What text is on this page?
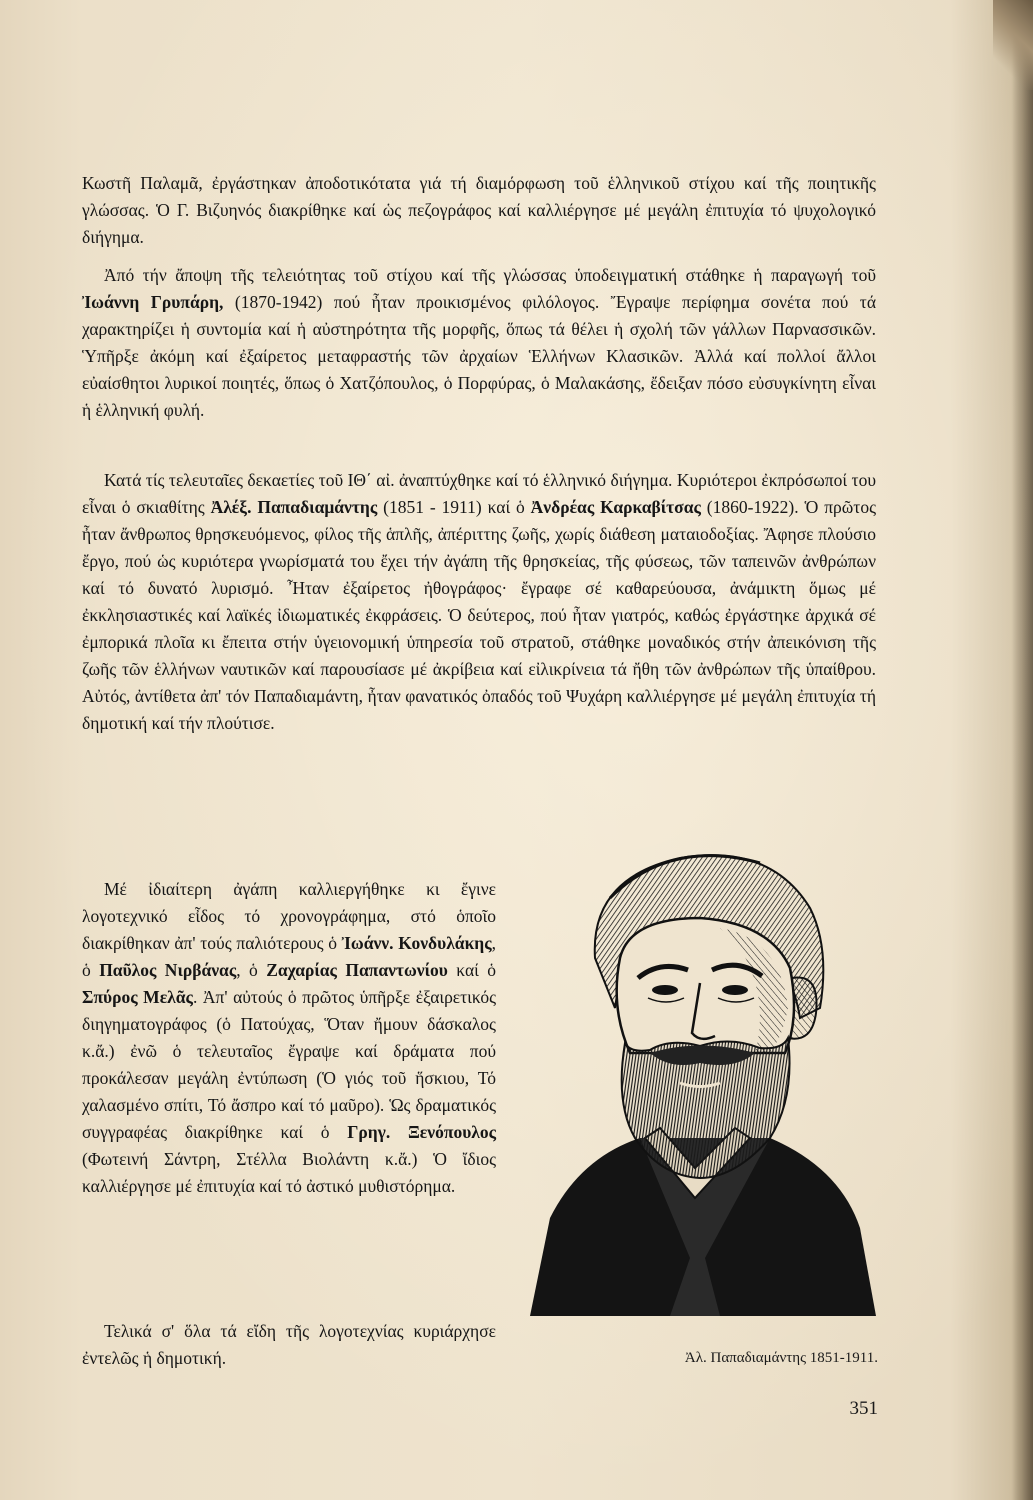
Κωστῆ Παλαμᾶ, ἐργάστηκαν ἀποδοτικότατα γιά τή διαμόρφωση τοῦ ἑλληνικοῦ στίχου καί τῆς ποιητικῆς γλώσσας. Ὁ Γ. Βιζυηνός διακρίθηκε καί ὡς πεζογράφος καί καλλιέργησε μέ μεγάλη ἐπιτυχία τό ψυχολογικό διήγημα.
Ἀπό τήν ἄποψη τῆς τελειότητας τοῦ στίχου καί τῆς γλώσσας ὑποδειγματική στάθηκε ἡ παραγωγή τοῦ Ἰωάννη Γρυπάρη, (1870-1942) πού ἦταν προικισμένος φιλόλογος. Ἔγραψε περίφημα σονέτα πού τά χαρακτηρίζει ἡ συντομία καί ἡ αὐστηρότητα τῆς μορφῆς, ὅπως τά θέλει ἡ σχολή τῶν γάλλων Παρνασσικῶν. Ὑπῆρξε ἀκόμη καί ἐξαίρετος μεταφραστής τῶν ἀρχαίων Ἑλλήνων Κλασικῶν. Ἀλλά καί πολλοί ἄλλοι εὐαίσθητοι λυρικοί ποιητές, ὅπως ὁ Χατζόπουλος, ὁ Πορφύρας, ὁ Μαλακάσης, ἔδειξαν πόσο εὐσυγκίνητη εἶναι ἡ ἑλληνική φυλή.
Κατά τίς τελευταῖες δεκαετίες τοῦ ΙΘ΄ αἰ. ἀναπτύχθηκε καί τό ἑλληνικό διήγημα. Κυριότεροι ἐκπρόσωποί του εἶναι ὁ σκιαθίτης Ἀλέξ. Παπαδιαμάντης (1851 - 1911) καί ὁ Ἀνδρέας Καρκαβίτσας (1860-1922). Ὁ πρῶτος ἦταν ἄνθρωπος θρησκευόμενος, φίλος τῆς ἁπλῆς, ἀπέριττης ζωῆς, χωρίς διάθεση ματαιοδοξίας. Ἄφησε πλούσιο ἔργο, πού ὡς κυριότερα γνωρίσματά του ἔχει τήν ἀγάπη τῆς θρησκείας, τῆς φύσεως, τῶν ταπεινῶν ἀνθρώπων καί τό δυνατό λυρισμό. Ἦταν ἐξαίρετος ἠθογράφος· ἔγραφε σέ καθαρεύουσα, ἀνάμικτη ὅμως μέ ἐκκλησιαστικές καί λαϊκές ἰδιωματικές ἐκφράσεις. Ὁ δεύτερος, πού ἦταν γιατρός, καθώς ἐργάστηκε ἀρχικά σέ ἐμπορικά πλοῖα κι ἔπειτα στήν ὑγειονομική ὑπηρεσία τοῦ στρατοῦ, στάθηκε μοναδικός στήν ἀπεικόνιση τῆς ζωῆς τῶν ἑλλήνων ναυτικῶν καί παρουσίασε μέ ἀκρίβεια καί εἰλικρίνεια τά ἤθη τῶν ἀνθρώπων τῆς ὑπαίθρου. Αὐτός, ἀντίθετα ἀπ' τόν Παπαδιαμάντη, ἦταν φανατικός ὀπαδός τοῦ Ψυχάρη καλλιέργησε μέ μεγάλη ἐπιτυχία τή δημοτική καί τήν πλούτισε.
Μέ ἰδιαίτερη ἀγάπη καλλιεργήθηκε κι ἔγινε λογοτεχνικό εἶδος τό χρονογράφημα, στό ὁποῖο διακρίθηκαν ἀπ' τούς παλιότερους ὁ Ἰωάνν. Κονδυλάκης, ὁ Παῦλος Νιρβάνας, ὁ Ζαχαρίας Παπαντωνίου καί ὁ Σπύρος Μελᾶς. Ἀπ' αὐτούς ὁ πρῶτος ὑπῆρξε ἐξαιρετικός διηγηματογράφος (ὁ Πατούχας, Ὅταν ἤμουν δάσκαλος κ.ἄ.) ἐνῶ ὁ τελευταῖος ἔγραψε καί δράματα πού προκάλεσαν μεγάλη ἐντύπωση (Ὁ γιός τοῦ ἥσκιου, Τό χαλασμένο σπίτι, Τό ἄσπρο καί τό μαῦρο). Ὡς δραματικός συγγραφέας διακρίθηκε καί ὁ Γρηγ. Ξενόπουλος (Φωτεινή Σάντρη, Στέλλα Βιολάντη κ.ἄ.) Ὁ ἴδιος καλλιέργησε μέ ἐπιτυχία καί τό ἀστικό μυθιστόρημα.
Τελικά σ' ὅλα τά εἴδη τῆς λογοτεχνίας κυριάρχησε ἐντελῶς ἡ δημοτική.	Ἀλ. Παπαδιαμάντης 1851-1911.
351
